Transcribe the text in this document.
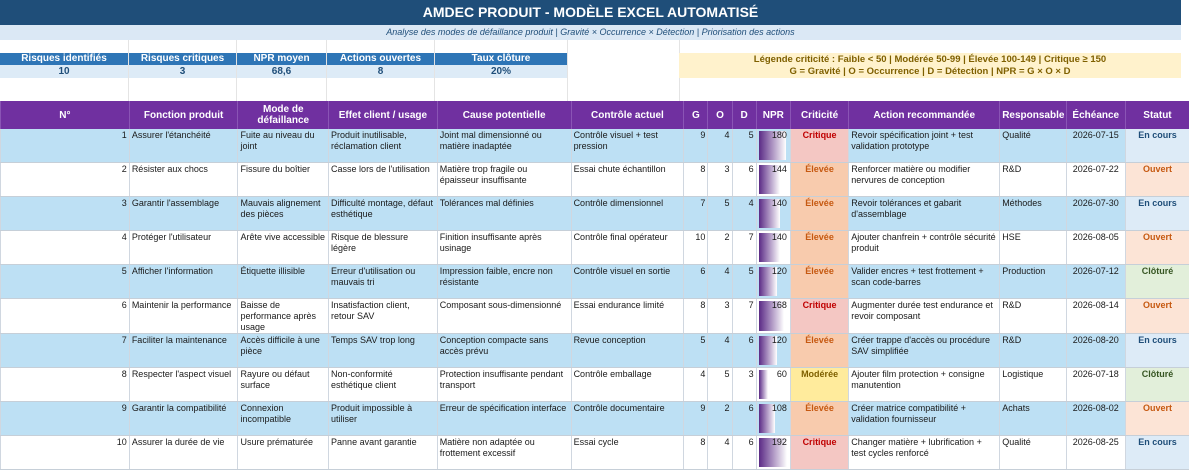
AMDEC PRODUIT - MODÈLE EXCEL AUTOMATISÉ
Analyse des modes de défaillance produit | Gravité × Occurrence × Détection | Priorisation des actions
Risques identifiés
10
Risques critiques
3
NPR moyen
68,6
Actions ouvertes
8
Taux clôture
20%
Légende criticité : Faible < 50 | Modérée 50-99 | Élevée 100-149 | Critique ≥ 150
G = Gravité | O = Occurrence | D = Détection | NPR = G × O × D
N°	Fonction produit	Mode de défaillance	Effet client / usage	Cause potentielle	Contrôle actuel	G	O	D	NPR	Criticité	Action recommandée	Responsable	Échéance	Statut
1	Assurer l'étanchéité	Fuite au niveau du joint	Produit inutilisable, réclamation client	Joint mal dimensionné ou matière inadaptée	Contrôle visuel + test pression	9	4	5	180	Critique	Revoir spécification joint + test validation prototype	Qualité	2026-07-15	En cours
2	Résister aux chocs	Fissure du boîtier	Casse lors de l'utilisation	Matière trop fragile ou épaisseur insuffisante	Essai chute échantillon	8	3	6	144	Élevée	Renforcer matière ou modifier nervures de conception	R&D	2026-07-22	Ouvert
3	Garantir l'assemblage	Mauvais alignement des pièces	Difficulté montage, défaut esthétique	Tolérances mal définies	Contrôle dimensionnel	7	5	4	140	Élevée	Revoir tolérances et gabarit d'assemblage	Méthodes	2026-07-30	En cours
4	Protéger l'utilisateur	Arête vive accessible	Risque de blessure légère	Finition insuffisante après usinage	Contrôle final opérateur	10	2	7	140	Élevée	Ajouter chanfrein + contrôle sécurité produit	HSE	2026-08-05	Ouvert
5	Afficher l'information	Étiquette illisible	Erreur d'utilisation ou mauvais tri	Impression faible, encre non résistante	Contrôle visuel en sortie	6	4	5	120	Élevée	Valider encres + test frottement + scan code-barres	Production	2026-07-12	Clôturé
6	Maintenir la performance	Baisse de performance après usage	Insatisfaction client, retour SAV	Composant sous-dimensionné	Essai endurance limité	8	3	7	168	Critique	Augmenter durée test endurance et revoir composant	R&D	2026-08-14	Ouvert
7	Faciliter la maintenance	Accès difficile à une pièce	Temps SAV trop long	Conception compacte sans accès prévu	Revue conception	5	4	6	120	Élevée	Créer trappe d'accès ou procédure SAV simplifiée	R&D	2026-08-20	En cours
8	Respecter l'aspect visuel	Rayure ou défaut surface	Non-conformité esthétique client	Protection insuffisante pendant transport	Contrôle emballage	4	5	3	60	Modérée	Ajouter film protection + consigne manutention	Logistique	2026-07-18	Clôturé
9	Garantir la compatibilité	Connexion incompatible	Produit impossible à utiliser	Erreur de spécification interface	Contrôle documentaire	9	2	6	108	Élevée	Créer matrice compatibilité + validation fournisseur	Achats	2026-08-02	Ouvert
10	Assurer la durée de vie	Usure prématurée	Panne avant garantie	Matière non adaptée ou frottement excessif	Essai cycle	8	4	6	192	Critique	Changer matière + lubrification + test cycles renforcé	Qualité	2026-08-25	En cours
